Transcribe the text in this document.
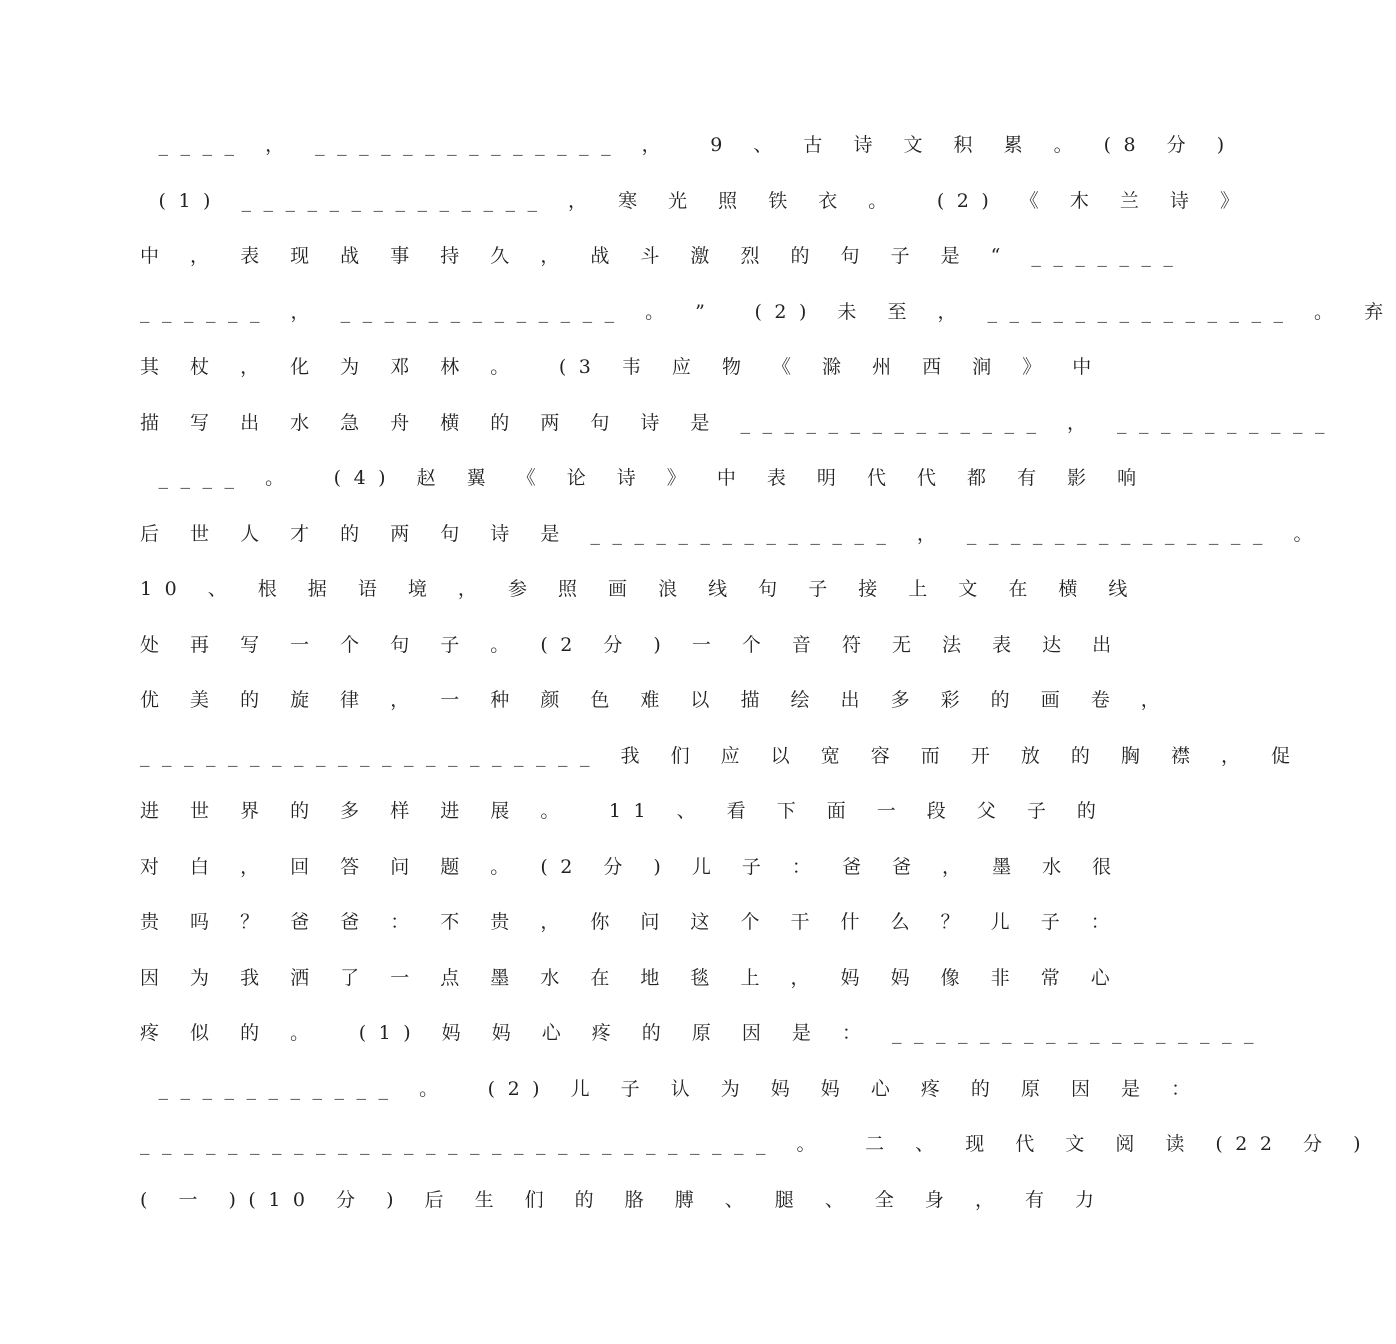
____ ， ______________ ，  9 、 古 诗 文 积 累 。 (8 分 )
(1) ______________ ， 寒 光 照 铁 衣 。  (2) 《 木 兰 诗 》
中 ， 表 现 战 事 持 久 ， 战 斗 激 烈 的 句 子 是 “ _______
______ ， _____________ 。 ”  (2) 未 至 ， ______________ 。 弃
其 杖 ， 化 为 邓 林 。  (3 韦 应 物 《 滁 州 西 涧 》 中
描 写 出 水 急 舟 横 的 两 句 诗 是 ______________ ， __________
____ 。  (4) 赵 翼 《 论 诗 》 中 表 明 代 代 都 有 影 响
后 世 人 才 的 两 句 诗 是 ______________ ， ______________ 。
10 、 根 据 语 境 ， 参 照 画 浪 线 句 子 接 上 文 在 横 线
处 再 写 一 个 句 子 。 (2 分 ) 一 个 音 符 无 法 表 达 出
优 美 的 旋 律 ， 一 种 颜 色 难 以 描 绘 出 多 彩 的 画 卷 ，
_____________________ 我 们 应 以 宽 容 而 开 放 的 胸 襟 ， 促
进 世 界 的 多 样 进 展 。  11 、 看 下 面 一 段 父 子 的
对 白 ， 回 答 问 题 。 (2 分 ) 儿 子 ： 爸 爸 ， 墨 水 很
贵 吗 ？ 爸 爸 ： 不 贵 ， 你 问 这 个 干 什 么 ？ 儿 子 ：
因 为 我 洒 了 一 点 墨 水 在 地 毯 上 ， 妈 妈 像 非 常 心
疼 似 的 。  (1) 妈 妈 心 疼 的 原 因 是 ： _________________
___________ 。  (2) 儿 子 认 为 妈 妈 心 疼 的 原 因 是 ：
_____________________________ 。  二 、 现 代 文 阅 读 (22 分 )
( 一 )(10 分 ) 后 生 们 的 胳 膊 、 腿 、 全 身 ， 有 力
